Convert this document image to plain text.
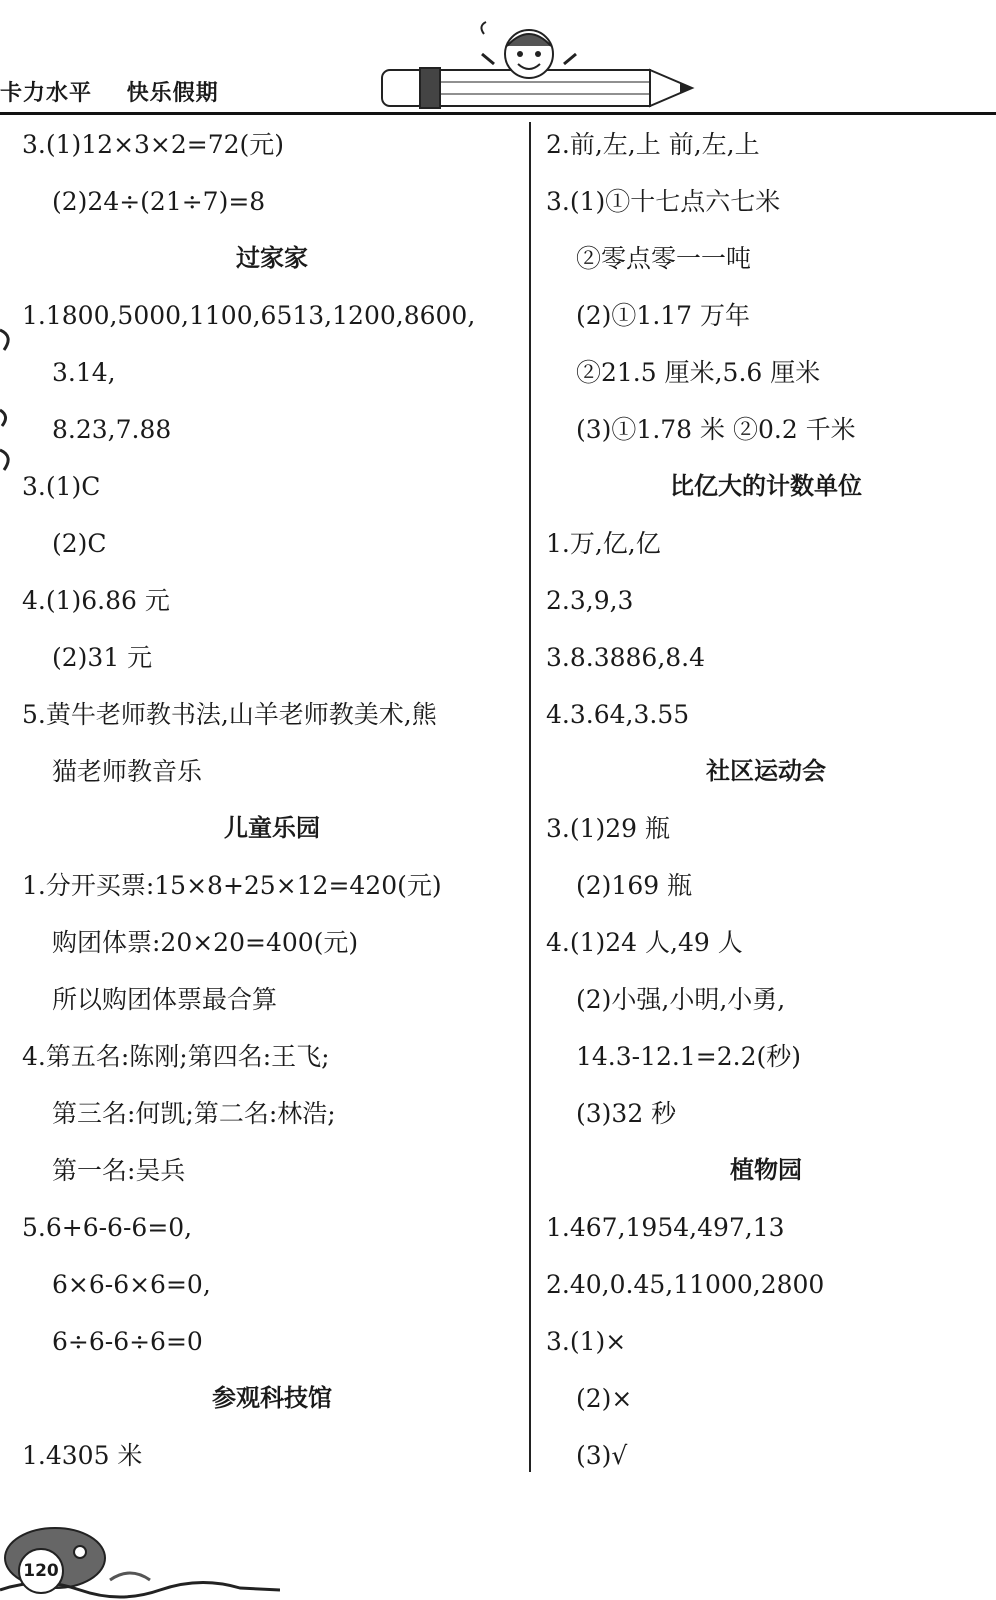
卡力水平    快乐假期
3.(1)12×3×2=72(元)
(2)24÷(21÷7)=8
过家家
1.1800,5000,1100,6513,1200,8600,
3.14,
8.23,7.88
3.(1)C
(2)C
4.(1)6.86 元
(2)31 元
5.黄牛老师教书法,山羊老师教美术,熊
猫老师教音乐
儿童乐园
1.分开买票:15×8+25×12=420(元)
购团体票:20×20=400(元)
所以购团体票最合算
4.第五名:陈刚;第四名:王飞;
第三名:何凯;第二名:林浩;
第一名:吴兵
5.6+6-6-6=0,
6×6-6×6=0,
6÷6-6÷6=0
参观科技馆
1.4305 米
2.前,左,上 前,左,上
3.(1)①十七点六七米
②零点零一一吨
(2)①1.17 万年
②21.5 厘米,5.6 厘米
(3)①1.78 米 ②0.2 千米
比亿大的计数单位
1.万,亿,亿
2.3,9,3
3.8.3886,8.4
4.3.64,3.55
社区运动会
3.(1)29 瓶
(2)169 瓶
4.(1)24 人,49 人
(2)小强,小明,小勇,
14.3-12.1=2.2(秒)
(3)32 秒
植物园
1.467,1954,497,13
2.40,0.45,11000,2800
3.(1)×
(2)×
(3)√
120
